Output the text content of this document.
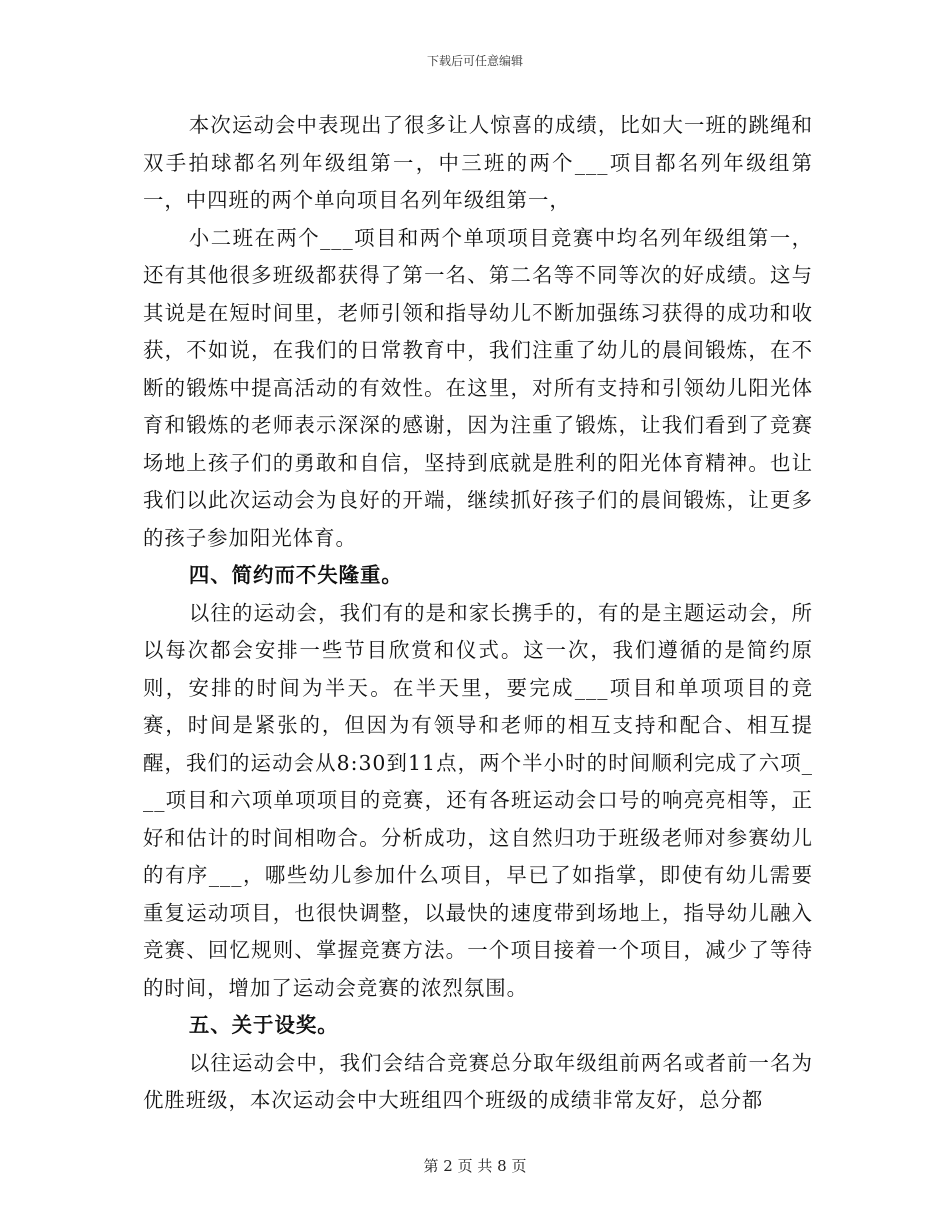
下载后可任意编辑

本次运动会中表现出了很多让人惊喜的成绩，比如大一班的跳绳和双手拍球都名列年级组第一，中三班的两个___项目都名列年级组第一，中四班的两个单向项目名列年级组第一，

小二班在两个___项目和两个单项项目竞赛中均名列年级组第一，还有其他很多班级都获得了第一名、第二名等不同等次的好成绩。这与其说是在短时间里，老师引领和指导幼儿不断加强练习获得的成功和收获，不如说，在我们的日常教育中，我们注重了幼儿的晨间锻炼，在不断的锻炼中提高活动的有效性。在这里，对所有支持和引领幼儿阳光体育和锻炼的老师表示深深的感谢，因为注重了锻炼，让我们看到了竞赛场地上孩子们的勇敢和自信，坚持到底就是胜利的阳光体育精神。也让我们以此次运动会为良好的开端，继续抓好孩子们的晨间锻炼，让更多的孩子参加阳光体育。

四、简约而不失隆重。

以往的运动会，我们有的是和家长携手的，有的是主题运动会，所以每次都会安排一些节目欣赏和仪式。这一次，我们遵循的是简约原则，安排的时间为半天。在半天里，要完成___项目和单项项目的竞赛，时间是紧张的，但因为有领导和老师的相互支持和配合、相互提醒，我们的运动会从8:30到11点，两个半小时的时间顺利完成了六项___项目和六项单项项目的竞赛，还有各班运动会口号的响亮亮相等，正好和估计的时间相吻合。分析成功，这自然归功于班级老师对参赛幼儿的有序___，哪些幼儿参加什么项目，早已了如指掌，即使有幼儿需要重复运动项目，也很快调整，以最快的速度带到场地上，指导幼儿融入竞赛、回忆规则、掌握竞赛方法。一个项目接着一个项目，减少了等待的时间，增加了运动会竞赛的浓烈氛围。

五、关于设奖。

以往运动会中，我们会结合竞赛总分取年级组前两名或者前一名为优胜班级，本次运动会中大班组四个班级的成绩非常友好，总分都

第 2 页 共 8 页
